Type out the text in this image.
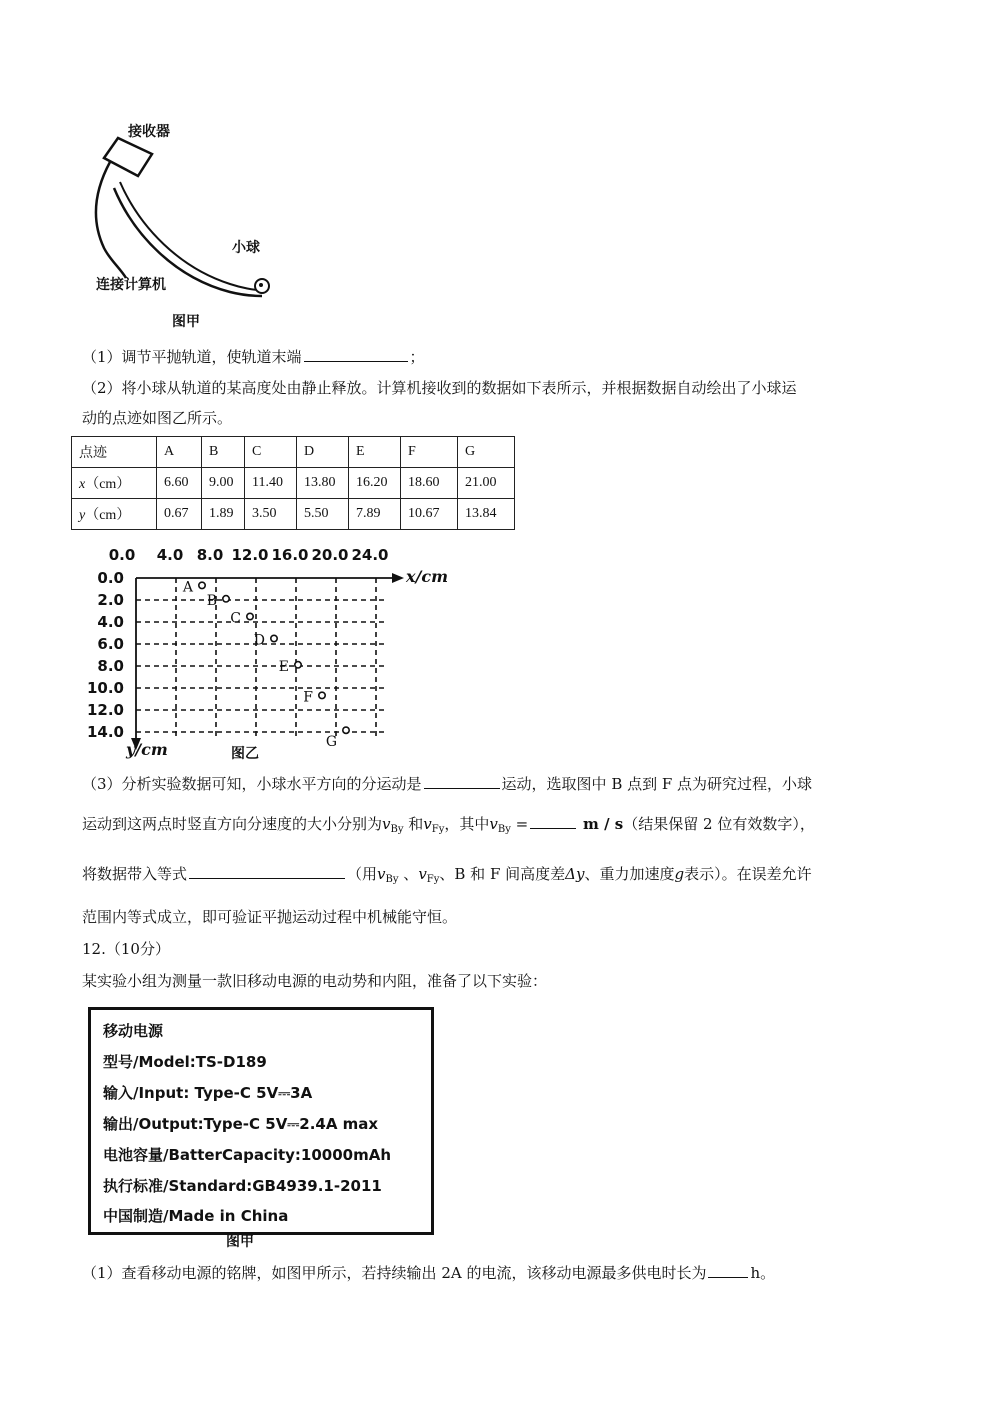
接收器
小球
连接计算机
图甲
（1）调节平抛轨道，使轨道末端	；
（2）将小球从轨道的某高度处由静止释放。计算机接收到的数据如下表所示，并根据数据自动绘出了小球运
动的点迹如图乙所示。
点迹	A	B	C	D	E	F	G
x（cm）	6.60	9.00	11.40	13.80	16.20	18.60	21.00
y（cm）	0.67	1.89	3.50	5.50	7.89	10.67	13.84
0.0 4.0 8.0 12.0 16.0 20.0 24.0
0.0
2.0
4.0
6.0
8.0
10.0
12.0
14.0
x/cm
y/cm	图乙
A
B
C
D
E
F
G
（3）分析实验数据可知，小球水平方向的分运动是	运动，选取图中 B 点到 F 点为研究过程，小球
运动到这两点时竖直方向分速度的大小分别为$v_{By}$ 和$v_{Fy}$，其中$v_{By}$ =	m / s（结果保留 2 位有效数字），
将数据带入等式	（用$v_{By}$ 、$v_{Fy}$、B 和 F 间高度差Δy、重力加速度g表示）。在误差允许
范围内等式成立，即可验证平抛运动过程中机械能守恒。
12.（10分）
某实验小组为测量一款旧移动电源的电动势和内阻，准备了以下实验：
移动电源
型号/Model:TS-D189
输入/Input: Type-C 5V⎓3A
输出/Output:Type-C 5V⎓2.4A max
电池容量/BatterCapacity:10000mAh
执行标准/Standard:GB4939.1-2011
中国制造/Made in China
图甲
（1）查看移动电源的铭牌，如图甲所示，若持续输出 2A 的电流，该移动电源最多供电时长为	h。
